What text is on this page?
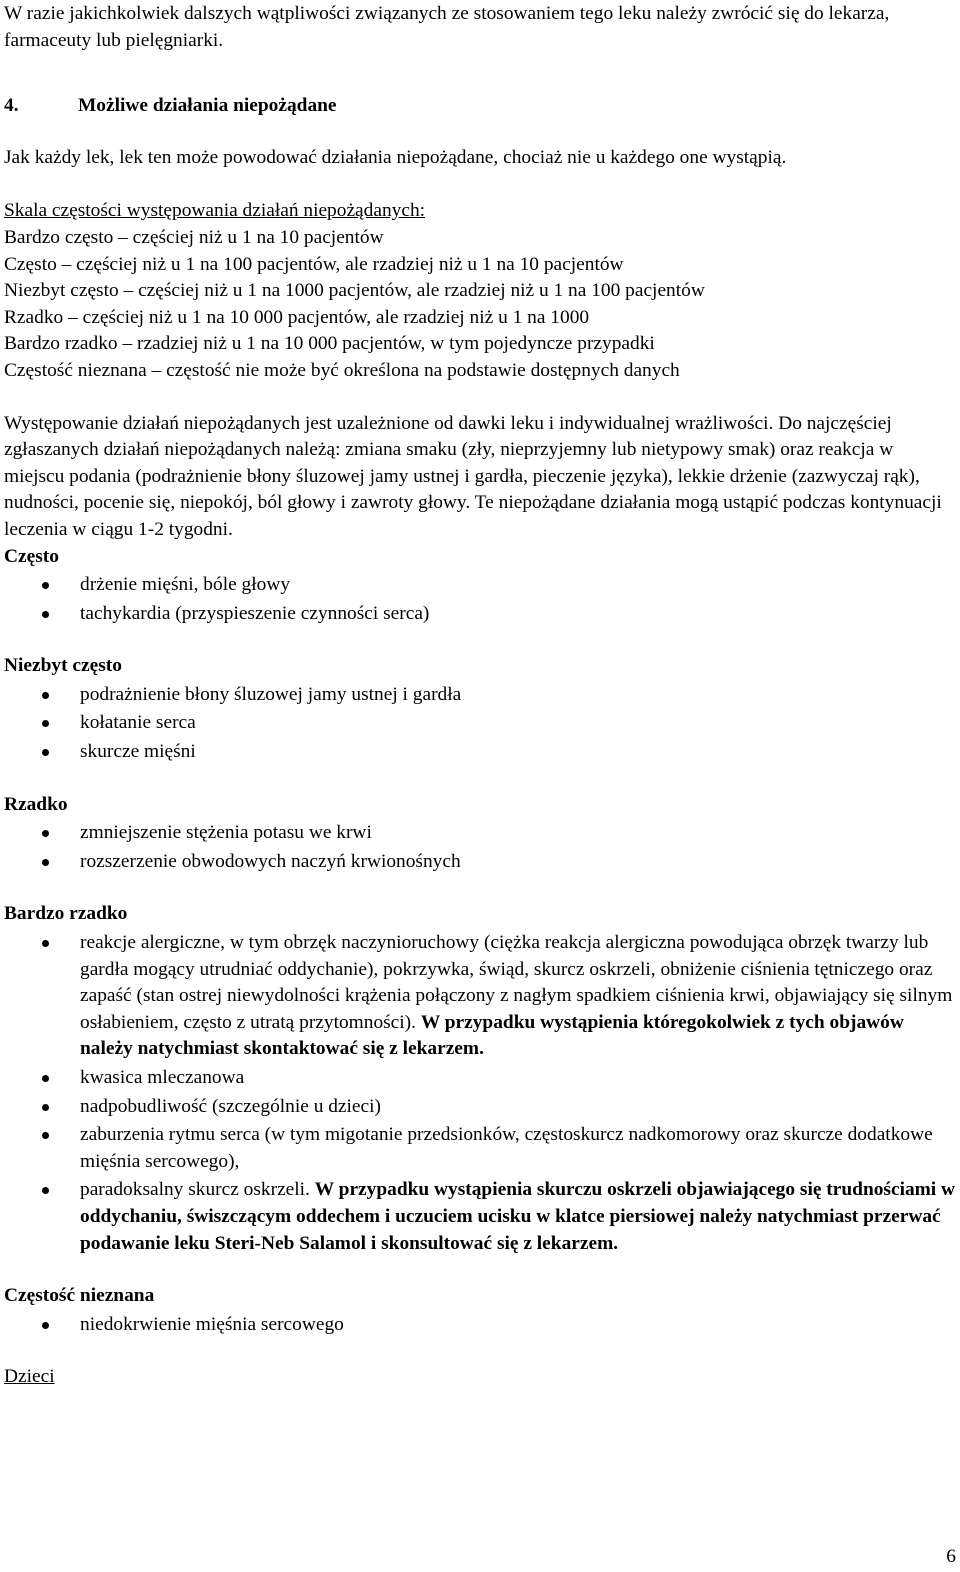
W razie jakichkolwiek dalszych wątpliwości związanych ze stosowaniem tego leku należy zwrócić się do lekarza, farmaceuty lub pielęgniarki.

4.	Możliwe działania niepożądane

Jak każdy lek, lek ten może powodować działania niepożądane, chociaż nie u każdego one wystąpią.

Skala częstości występowania działań niepożądanych:

Bardzo często – częściej niż u 1 na 10 pacjentów

Często – częściej niż u 1 na 100 pacjentów, ale rzadziej niż u 1 na 10 pacjentów

Niezbyt często – częściej niż u 1 na 1000 pacjentów, ale rzadziej niż u 1 na 100 pacjentów

Rzadko – częściej niż u 1 na 10 000 pacjentów, ale rzadziej niż u 1 na 1000

Bardzo rzadko – rzadziej niż u 1 na 10 000 pacjentów, w tym pojedyncze przypadki

Częstość nieznana – częstość nie może być określona na podstawie dostępnych danych

Występowanie działań niepożądanych jest uzależnione od dawki leku i indywidualnej wrażliwości. Do najczęściej zgłaszanych działań niepożądanych należą: zmiana smaku (zły, nieprzyjemny lub nietypowy smak) oraz reakcja w miejscu podania (podrażnienie błony śluzowej jamy ustnej i gardła, pieczenie języka), lekkie drżenie (zazwyczaj rąk), nudności, pocenie się, niepokój, ból głowy i zawroty głowy. Te niepożądane działania mogą ustąpić podczas kontynuacji leczenia w ciągu 1-2 tygodni.

Często

drżenie mięśni, bóle głowy
tachykardia (przyspieszenie czynności serca)

Niezbyt często

podrażnienie błony śluzowej jamy ustnej i gardła
kołatanie serca
skurcze mięśni

Rzadko

zmniejszenie stężenia potasu we krwi
rozszerzenie obwodowych naczyń krwionośnych

Bardzo rzadko

reakcje alergiczne, w tym obrzęk naczynioruchowy (ciężka reakcja alergiczna powodująca obrzęk twarzy lub gardła mogący utrudniać oddychanie), pokrzywka, świąd, skurcz oskrzeli, obniżenie ciśnienia tętniczego oraz zapaść (stan ostrej niewydolności krążenia połączony z nagłym spadkiem ciśnienia krwi, objawiający się silnym osłabieniem, często z utratą przytomności). W przypadku wystąpienia któregokolwiek z tych objawów należy natychmiast skontaktować się z lekarzem.
kwasica mleczanowa
nadpobudliwość (szczególnie u dzieci)
zaburzenia rytmu serca (w tym migotanie przedsionków, częstoskurcz nadkomorowy oraz skurcze dodatkowe mięśnia sercowego),
paradoksalny skurcz oskrzeli. W przypadku wystąpienia skurczu oskrzeli objawiającego się trudnościami w oddychaniu, świszczącym oddechem i uczuciem ucisku w klatce piersiowej należy natychmiast przerwać podawanie leku Steri-Neb Salamol i skonsultować się z lekarzem.

Częstość nieznana

niedokrwienie mięśnia sercowego

Dzieci

6
